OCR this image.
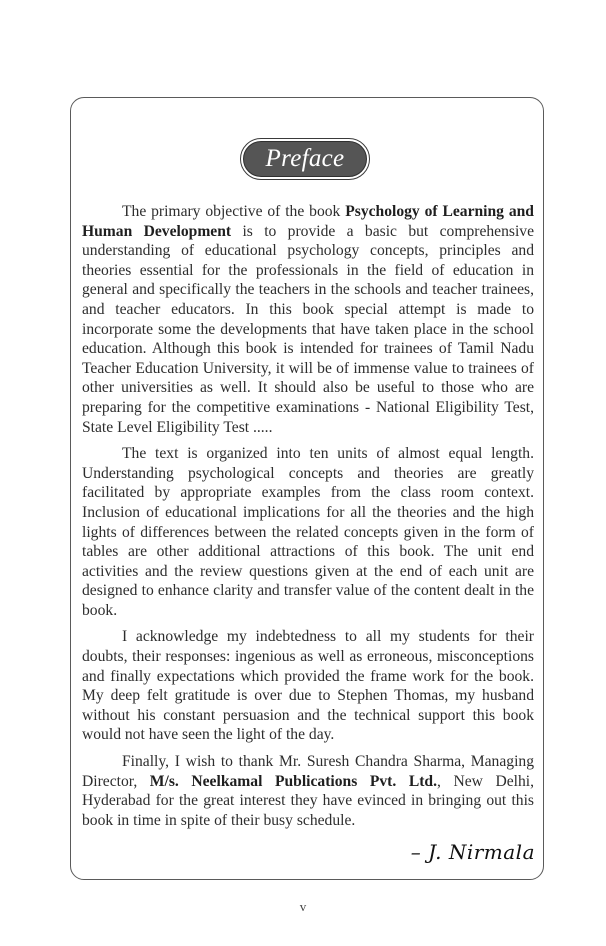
Preface

The primary objective of the book Psychology of Learning and Human Development is to provide a basic but comprehensive understanding of educational psychology concepts, principles and theories essential for the professionals in the field of education in general and specifically the teachers in the schools and teacher trainees, and teacher educators. In this book special attempt is made to incorporate some the developments that have taken place in the school education. Although this book is intended for trainees of Tamil Nadu Teacher Education University, it will be of immense value to trainees of other universities as well. It should also be useful to those who are preparing for the competitive examinations - National Eligibility Test, State Level Eligibility Test .....

The text is organized into ten units of almost equal length. Understanding psychological concepts and theories are greatly facilitated by appropriate examples from the class room context. Inclusion of educational implications for all the theories and the high lights of differences between the related concepts given in the form of tables are other additional attractions of this book. The unit end activities and the review questions given at the end of each unit are designed to enhance clarity and transfer value of the content dealt in the book.

I acknowledge my indebtedness to all my students for their doubts, their responses: ingenious as well as erroneous, misconceptions and finally expectations which provided the frame work for the book. My deep felt gratitude is over due to Stephen Thomas, my husband without his constant persuasion and the technical support this book would not have seen the light of the day.

Finally, I wish to thank Mr. Suresh Chandra Sharma, Managing Director, M/s. Neelkamal Publications Pvt. Ltd., New Delhi, Hyderabad for the great interest they have evinced in bringing out this book in time in spite of their busy schedule.

– J. Nirmala
v
